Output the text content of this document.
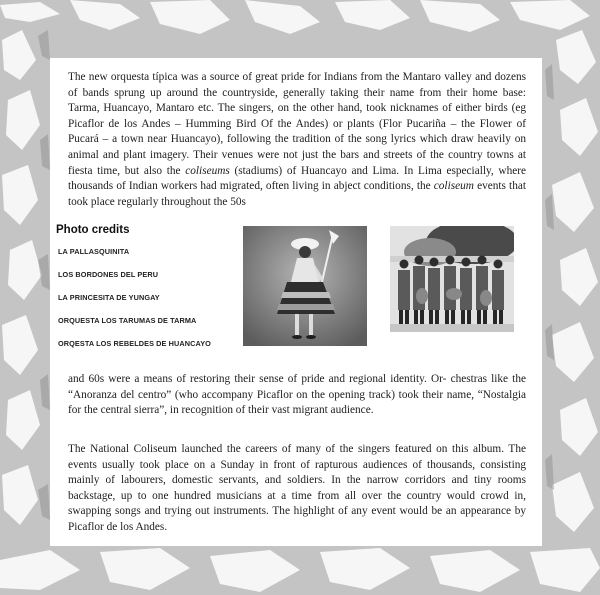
The new orquesta típica was a source of great pride for Indians from the Mantaro valley and dozens of bands sprung up around the countryside, generally taking their name from their home base: Tarma, Huancayo, Mantaro etc. The singers, on the other hand, took nicknames of either birds (eg Picaflor de los Andes – Humming Bird Of the Andes) or plants (Flor Pucariña – the Flower of Pucará – a town near Huancayo), following the tradition of the song lyrics which draw heavily on animal and plant imagery. Their venues were not just the bars and streets of the country towns at fiesta time, but also the coliseums (stadiums) of Huancayo and Lima. In Lima especially, where thousands of Indian workers had migrated, often living in abject conditions, the coliseum events that took place regularly throughout the 50s

Photo credits
LA PALLASQUINITA
LOS BORDONES DEL PERU
LA PRINCESITA DE YUNGAY
ORQUESTA LOS TARUMAS DE TARMA
ORQESTA LOS REBELDES DE HUANCAYO

and 60s were a means of restoring their sense of pride and regional identity. Or- chestras like the “Anoranza del centro” (who accompany Picaflor on the opening track) took their name, “Nostalgia for the central sierra”, in recognition of their vast migrant audience.

The National Coliseum launched the careers of many of the singers featured on this album. The events usually took place on a Sunday in front of rapturous audiences of thousands, consisting mainly of labourers, domestic servants, and soldiers. In the narrow corridors and tiny rooms backstage, up to one hundred musicians at a time from all over the country would crowd in, swapping songs and trying out instruments. The highlight of any event would be an appearance by Picaflor de los Andes.
